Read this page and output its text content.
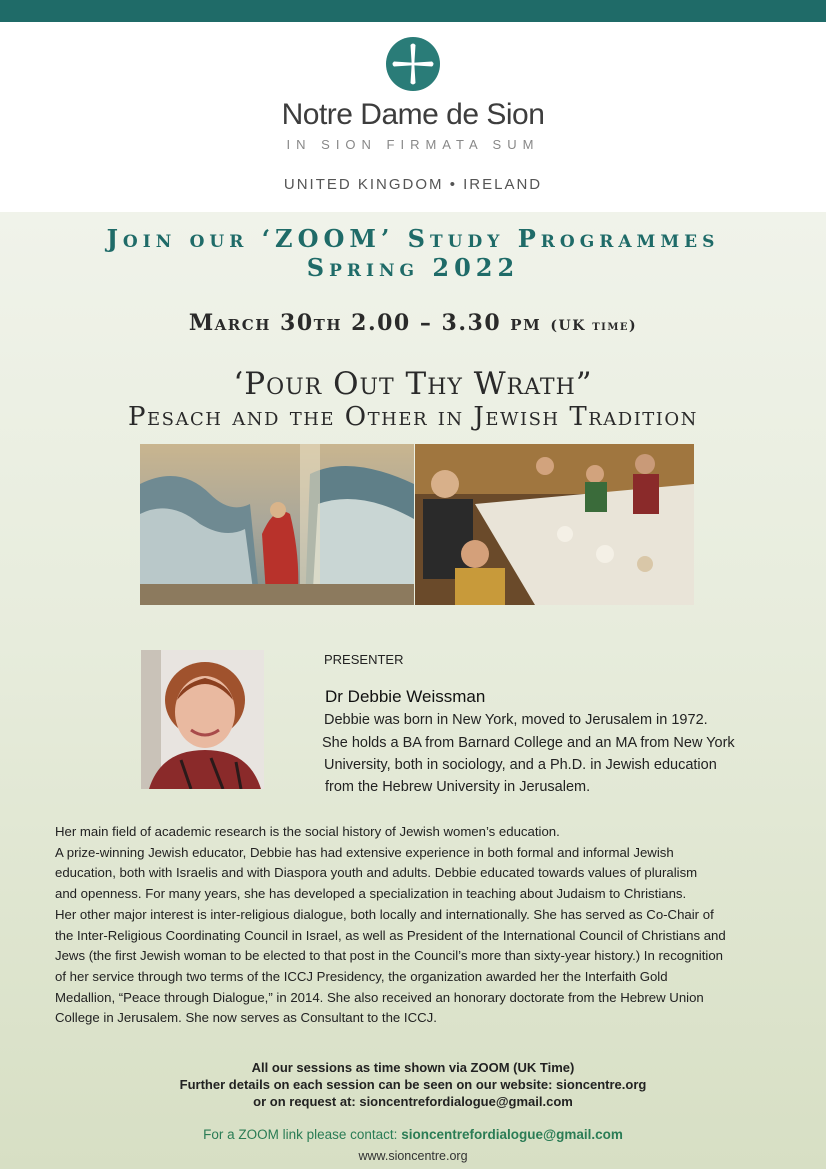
Notre Dame de Sion
IN SION FIRMATA SUM
UNITED KINGDOM • IRELAND
Join our ‘ZOOM’ Study Programmes
Spring 2022
March 30th 2.00 – 3.30 pm (UK time)
‘Pour Out Thy Wrath”
Pesach and the Other in Jewish Tradition
PRESENTER
Dr Debbie Weissman
Debbie was born in New York, moved to Jerusalem in 1972.
She holds a BA from Barnard College and an MA from New York
University, both in sociology, and a Ph.D. in Jewish education
from the Hebrew University in Jerusalem.
Her main field of academic research is the social history of Jewish women’s education.
A prize-winning Jewish educator, Debbie has had extensive experience in both formal and informal Jewish
education, both with Israelis and with Diaspora youth and adults. Debbie educated towards values of pluralism
and openness. For many years, she has developed a specialization in teaching about Judaism to Christians.
Her other major interest is inter-religious dialogue, both locally and internationally. She has served as Co-Chair of
the Inter-Religious Coordinating Council in Israel, as well as President of the International Council of Christians and
Jews (the first Jewish woman to be elected to that post in the Council’s more than sixty-year history.) In recognition
of her service through two terms of the ICCJ Presidency, the organization awarded her the Interfaith Gold
Medallion, “Peace through Dialogue,” in 2014. She also received an honorary doctorate from the Hebrew Union
College in Jerusalem. She now serves as Consultant to the ICCJ.
All our sessions as time shown via ZOOM (UK Time)
Further details on each session can be seen on our website: sioncentre.org
or on request at: sioncentrefordialogue@gmail.com
For a ZOOM link please contact: sioncentrefordialogue@gmail.com
www.sioncentre.org
